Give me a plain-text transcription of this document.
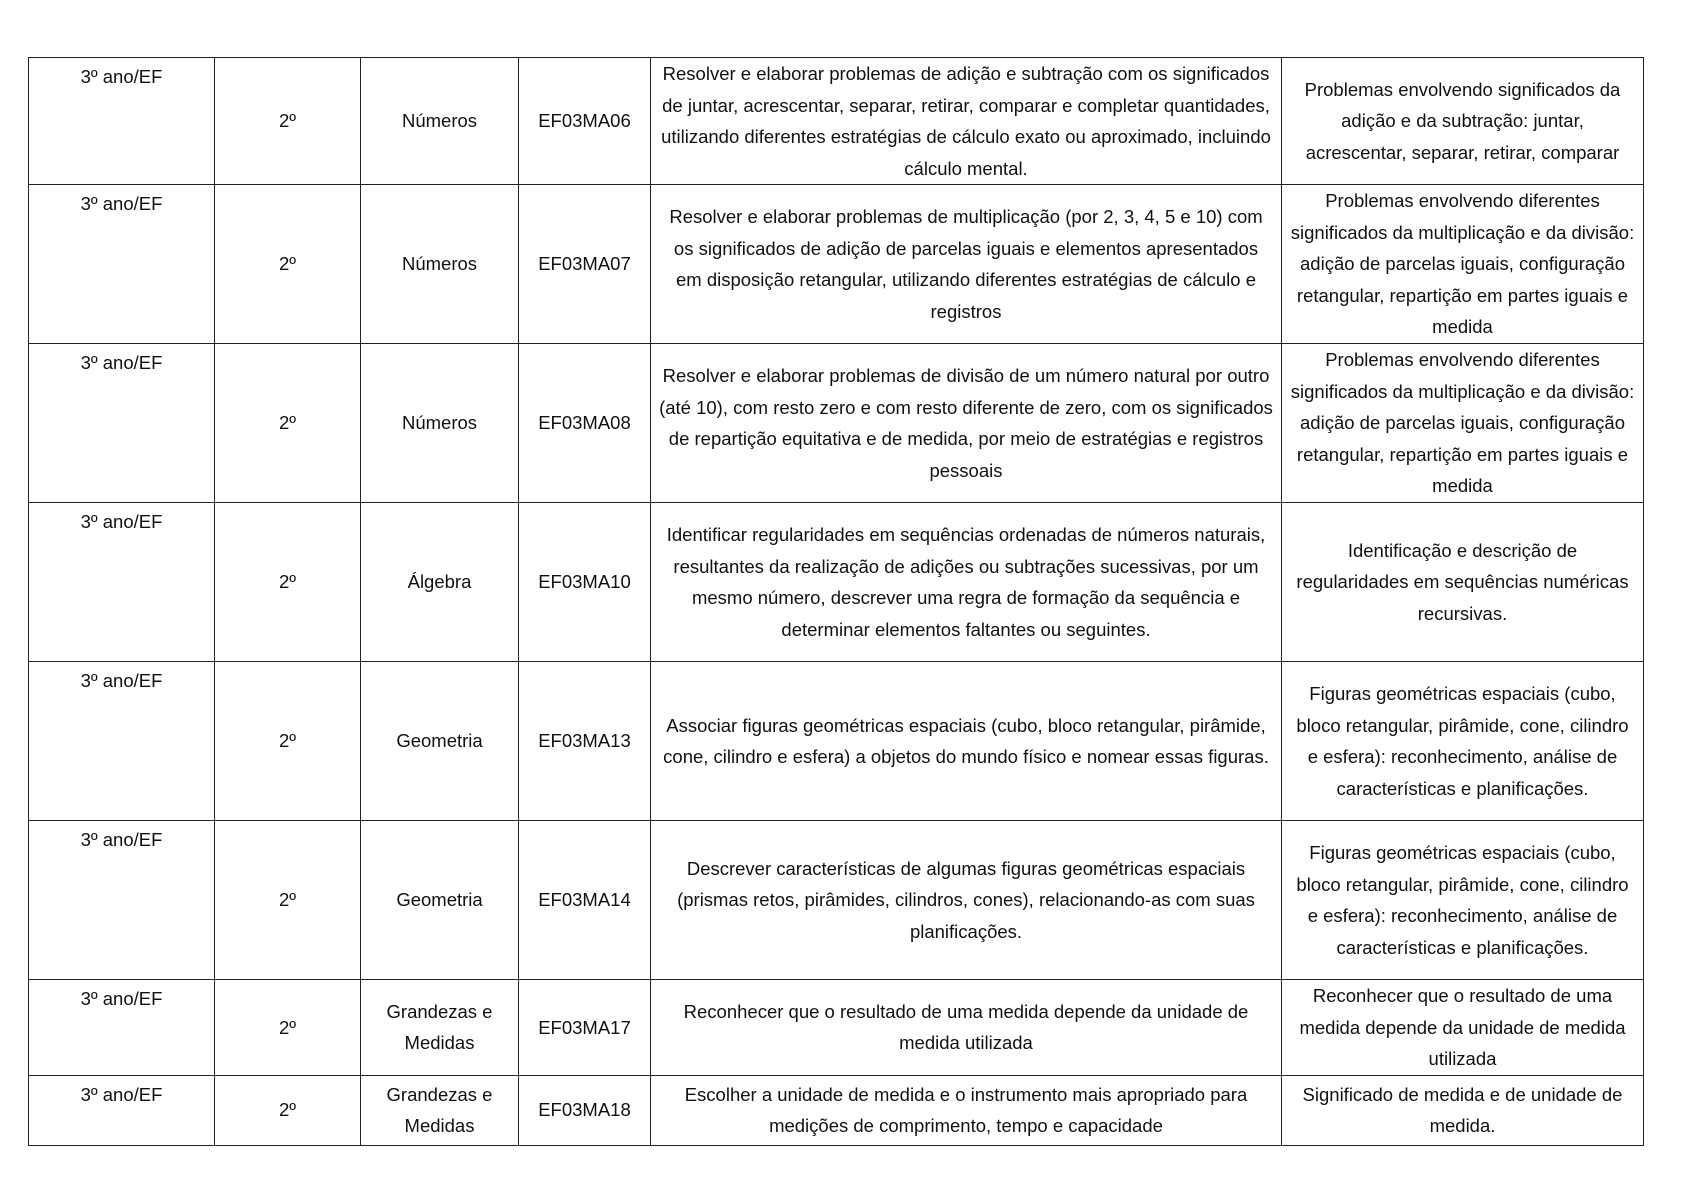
3º ano/EF	2º	Números	EF03MA06	Resolver e elaborar problemas de adição e subtração com os significados de juntar, acrescentar, separar, retirar, comparar e completar quantidades, utilizando diferentes estratégias de cálculo exato ou aproximado, incluindo cálculo mental.	Problemas envolvendo significados da adição e da subtração: juntar, acrescentar, separar, retirar, comparar
3º ano/EF	2º	Números	EF03MA07	Resolver e elaborar problemas de multiplicação (por 2, 3, 4, 5 e 10) com os significados de adição de parcelas iguais e elementos apresentados em disposição retangular, utilizando diferentes estratégias de cálculo e registros	Problemas envolvendo diferentes significados da multiplicação e da divisão: adição de parcelas iguais, configuração retangular, repartição em partes iguais e medida
3º ano/EF	2º	Números	EF03MA08	Resolver e elaborar problemas de divisão de um número natural por outro (até 10), com resto zero e com resto diferente de zero, com os significados de repartição equitativa e de medida, por meio de estratégias e registros pessoais	Problemas envolvendo diferentes significados da multiplicação e da divisão: adição de parcelas iguais, configuração retangular, repartição em partes iguais e medida
3º ano/EF	2º	Álgebra	EF03MA10	Identificar regularidades em sequências ordenadas de números naturais, resultantes da realização de adições ou subtrações sucessivas, por um mesmo número, descrever uma regra de formação da sequência e determinar elementos faltantes ou seguintes.	Identificação e descrição de regularidades em sequências numéricas recursivas.
3º ano/EF	2º	Geometria	EF03MA13	Associar figuras geométricas espaciais (cubo, bloco retangular, pirâmide, cone, cilindro e esfera) a objetos do mundo físico e nomear essas figuras.	Figuras geométricas espaciais (cubo, bloco retangular, pirâmide, cone, cilindro e esfera): reconhecimento, análise de características e planificações.
3º ano/EF	2º	Geometria	EF03MA14	Descrever características de algumas figuras geométricas espaciais (prismas retos, pirâmides, cilindros, cones), relacionando-as com suas planificações.	Figuras geométricas espaciais (cubo, bloco retangular, pirâmide, cone, cilindro e esfera): reconhecimento, análise de características e planificações.
3º ano/EF	2º	Grandezas e Medidas	EF03MA17	Reconhecer que o resultado de uma medida depende da unidade de medida utilizada	Reconhecer que o resultado de uma medida depende da unidade de medida utilizada
3º ano/EF	2º	Grandezas e Medidas	EF03MA18	Escolher a unidade de medida e o instrumento mais apropriado para medições de comprimento, tempo e capacidade	Significado de medida e de unidade de medida.
